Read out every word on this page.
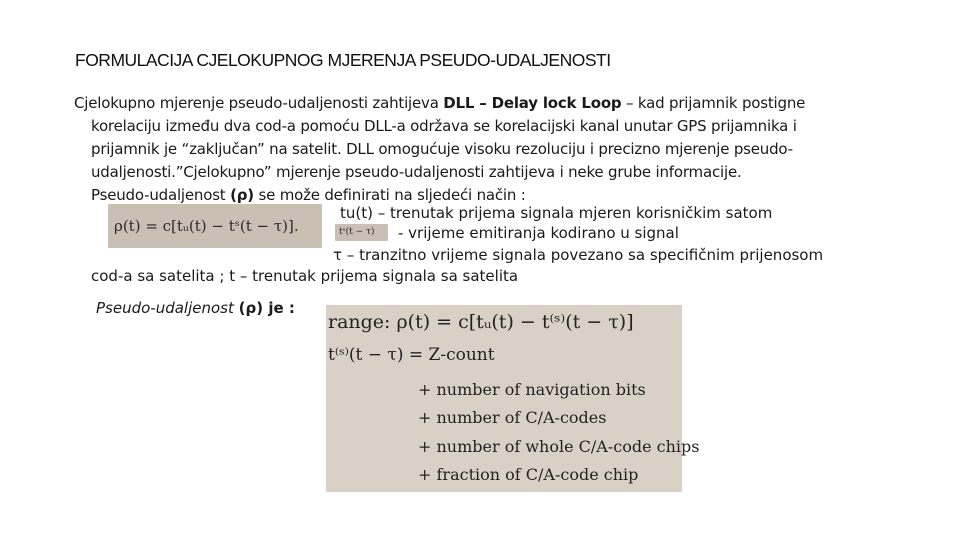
FORMULACIJA CJELOKUPNOG MJERENJA PSEUDO-UDALJENOSTI
Cjelokupno mjerenje pseudo-udaljenosti zahtijeva DLL – Delay lock Loop – kad prijamnik postigne
korelaciju između dva cod-a pomoću DLL-a održava se korelacijski kanal unutar GPS prijamnika i
prijamnik je “zaključan” na satelit. DLL omogućuje visoku rezoluciju i precizno mjerenje pseudo-
udaljenosti.”Cjelokupno” mjerenje pseudo-udaljenosti zahtijeva i neke grube informacije.
Pseudo-udaljenost (ρ) se može definirati na sljedeći način :
ρ(t) = c[tᵤ(t) − tˢ(t − τ)].	tˢ(t − τ)
tu(t) – trenutak prijema signala mjeren korisničkim satom
- vrijeme emitiranja kodirano u signal
τ – tranzitno vrijeme signala povezano sa specifičnim prijenosom
cod-a sa satelita ; t – trenutak prijema signala sa satelita
Pseudo-udaljenost (ρ) je :
range: ρ(t) = c[tᵤ(t) − t⁽ˢ⁾(t − τ)]
t⁽ˢ⁾(t − τ) = Z-count
+ number of navigation bits
+ number of C/A-codes
+ number of whole C/A-code chips
+ fraction of C/A-code chip
